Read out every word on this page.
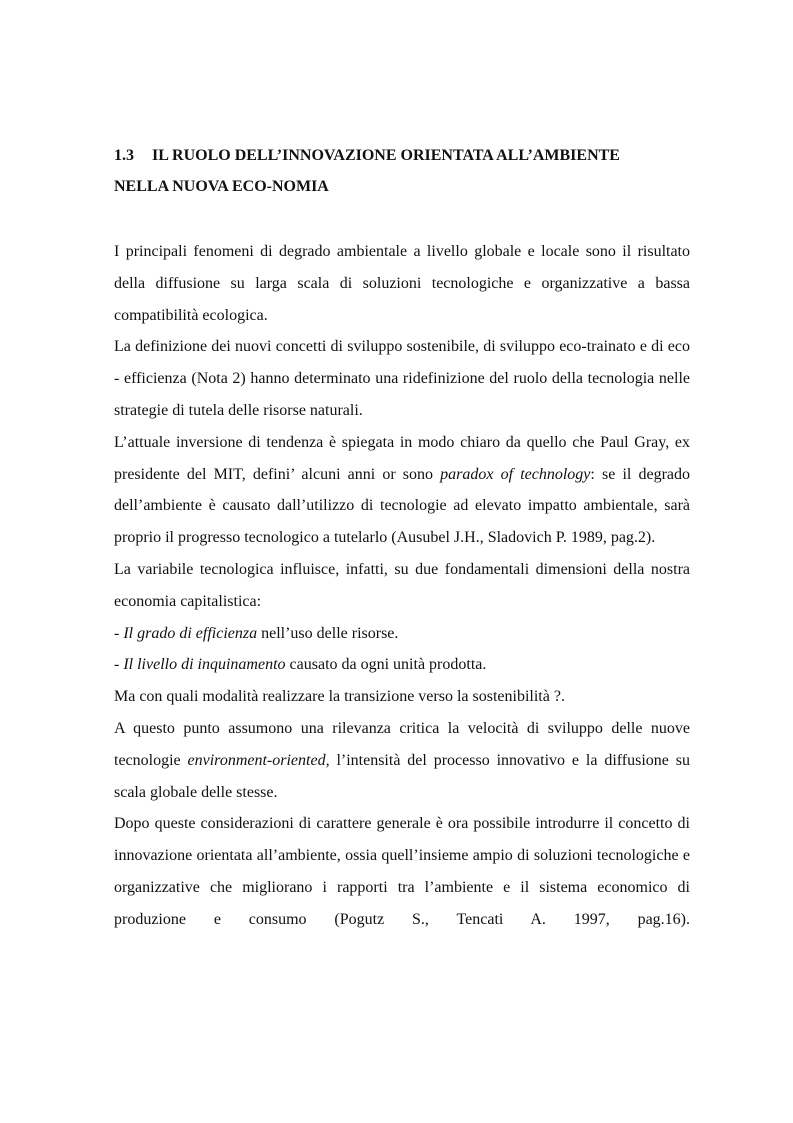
1.3 IL RUOLO DELL’INNOVAZIONE ORIENTATA ALL’AMBIENTE
NELLA NUOVA ECO-NOMIA

I principali fenomeni di degrado ambientale a livello globale e locale sono il risultato della diffusione su larga scala di soluzioni tecnologiche e organizzative a bassa compatibilità ecologica.

La definizione dei nuovi concetti di sviluppo sostenibile, di sviluppo eco-trainato e di eco - efficienza (Nota 2) hanno determinato una ridefinizione del ruolo della tecnologia nelle strategie di tutela delle risorse naturali.

L’attuale inversione di tendenza è spiegata in modo chiaro da quello che Paul Gray, ex presidente del MIT, defini’ alcuni anni or sono paradox of technology: se il degrado dell’ambiente è causato dall’utilizzo di tecnologie ad elevato impatto ambientale, sarà proprio il progresso tecnologico a tutelarlo (Ausubel J.H., Sladovich P. 1989, pag.2).

La variabile tecnologica influisce, infatti, su due fondamentali dimensioni della nostra economia capitalistica:

- Il grado di efficienza nell’uso delle risorse.

- Il livello di inquinamento causato da ogni unità prodotta.

Ma con quali modalità realizzare la transizione verso la sostenibilità ?.

A questo punto assumono una rilevanza critica la velocità di sviluppo delle nuove tecnologie environment-oriented, l’intensità del processo innovativo e la diffusione su scala globale delle stesse.

Dopo queste considerazioni di carattere generale è ora possibile introdurre il concetto di innovazione orientata all’ambiente, ossia quell’insieme ampio di soluzioni tecnologiche e organizzative che migliorano i rapporti tra l’ambiente e il sistema economico di produzione e consumo (Pogutz S., Tencati A. 1997, pag.16).
